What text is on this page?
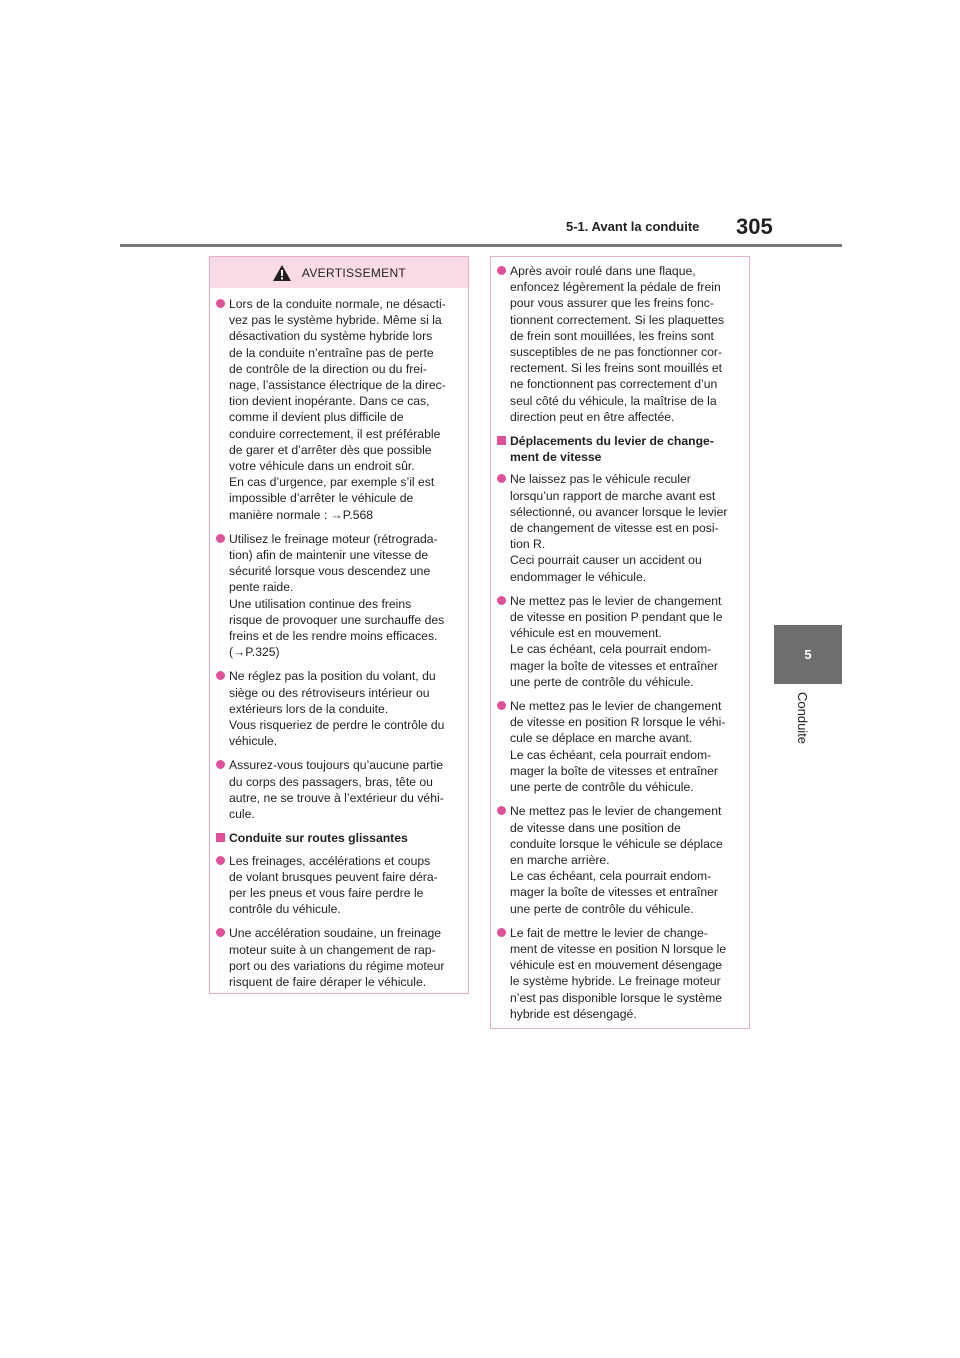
5-1. Avant la conduite 305
5
Conduite
AVERTISSEMENT
Lors de la conduite normale, ne désacti-
vez pas le système hybride. Même si la
désactivation du système hybride lors
de la conduite n’entraîne pas de perte
de contrôle de la direction ou du frei-
nage, l’assistance électrique de la direc-
tion devient inopérante. Dans ce cas,
comme il devient plus difficile de
conduire correctement, il est préférable
de garer et d’arrêter dès que possible
votre véhicule dans un endroit sûr.
En cas d’urgence, par exemple s’il est
impossible d’arrêter le véhicule de
manière normale : →P.568
Utilisez le freinage moteur (rétrograda-
tion) afin de maintenir une vitesse de
sécurité lorsque vous descendez une
pente raide.
Une utilisation continue des freins
risque de provoquer une surchauffe des
freins et de les rendre moins efficaces.
(→P.325)
Ne réglez pas la position du volant, du
siège ou des rétroviseurs intérieur ou
extérieurs lors de la conduite.
Vous risqueriez de perdre le contrôle du
véhicule.
Assurez-vous toujours qu’aucune partie
du corps des passagers, bras, tête ou
autre, ne se trouve à l’extérieur du véhi-
cule.
Conduite sur routes glissantes
Les freinages, accélérations et coups
de volant brusques peuvent faire déra-
per les pneus et vous faire perdre le
contrôle du véhicule.
Une accélération soudaine, un freinage
moteur suite à un changement de rap-
port ou des variations du régime moteur
risquent de faire déraper le véhicule.
Après avoir roulé dans une flaque,
enfoncez légèrement la pédale de frein
pour vous assurer que les freins fonc-
tionnent correctement. Si les plaquettes
de frein sont mouillées, les freins sont
susceptibles de ne pas fonctionner cor-
rectement. Si les freins sont mouillés et
ne fonctionnent pas correctement d’un
seul côté du véhicule, la maîtrise de la
direction peut en être affectée.
Déplacements du levier de change-
ment de vitesse
Ne laissez pas le véhicule reculer
lorsqu’un rapport de marche avant est
sélectionné, ou avancer lorsque le levier
de changement de vitesse est en posi-
tion R.
Ceci pourrait causer un accident ou
endommager le véhicule.
Ne mettez pas le levier de changement
de vitesse en position P pendant que le
véhicule est en mouvement.
Le cas échéant, cela pourrait endom-
mager la boîte de vitesses et entraîner
une perte de contrôle du véhicule.
Ne mettez pas le levier de changement
de vitesse en position R lorsque le véhi-
cule se déplace en marche avant.
Le cas échéant, cela pourrait endom-
mager la boîte de vitesses et entraîner
une perte de contrôle du véhicule.
Ne mettez pas le levier de changement
de vitesse dans une position de
conduite lorsque le véhicule se déplace
en marche arrière.
Le cas échéant, cela pourrait endom-
mager la boîte de vitesses et entraîner
une perte de contrôle du véhicule.
Le fait de mettre le levier de change-
ment de vitesse en position N lorsque le
véhicule est en mouvement désengage
le système hybride. Le freinage moteur
n’est pas disponible lorsque le système
hybride est désengagé.
